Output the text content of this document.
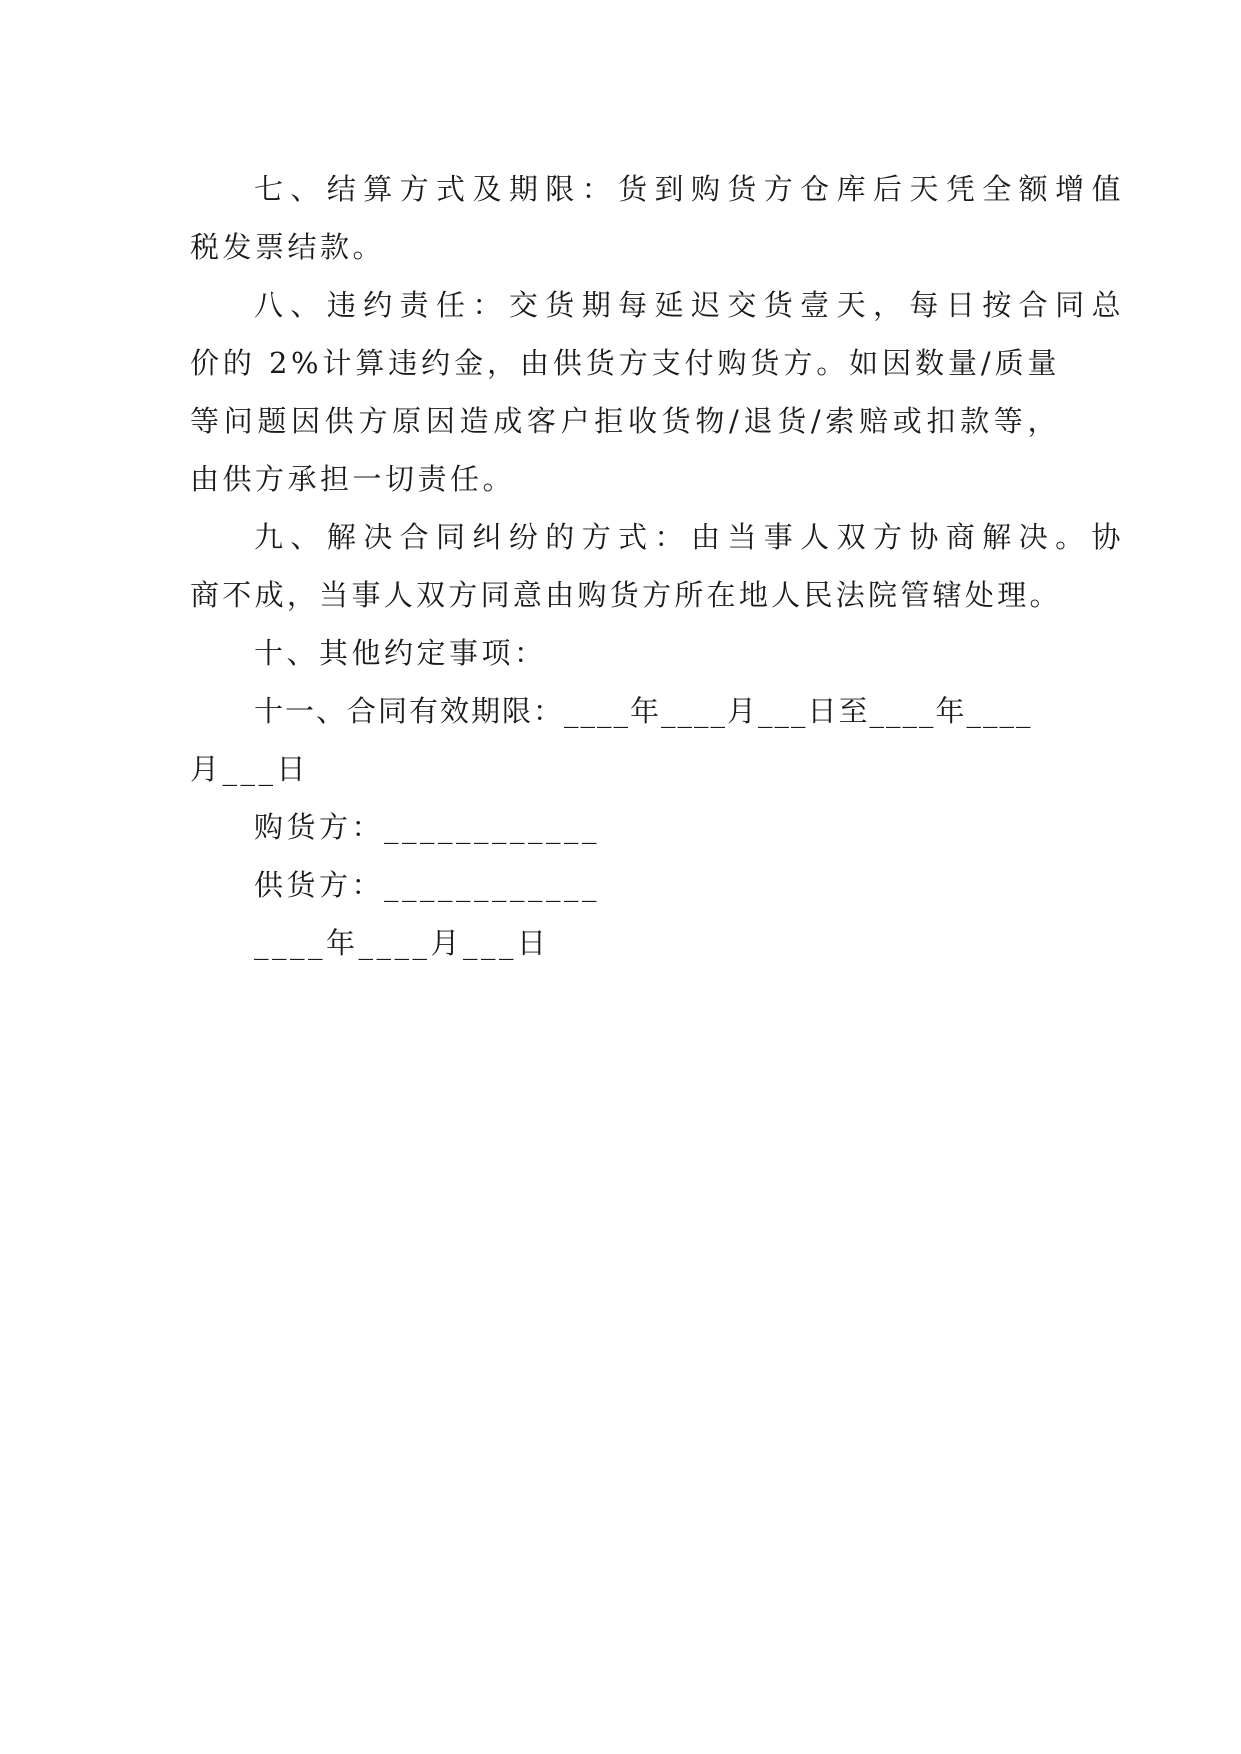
七、结算方式及期限：货到购货方仓库后天凭全额增值
税发票结款。
八、违约责任：交货期每延迟交货壹天，每日按合同总
价的 2%计算违约金，由供货方支付购货方。如因数量/质量
等问题因供方原因造成客户拒收货物/退货/索赔或扣款等，
由供方承担一切责任。
九、解决合同纠纷的方式：由当事人双方协商解决。协
商不成，当事人双方同意由购货方所在地人民法院管辖处理。
十、其他约定事项：
十一、合同有效期限：____年____月___日至____年____
月___日
购货方：____________
供货方：____________
____年____月___日
